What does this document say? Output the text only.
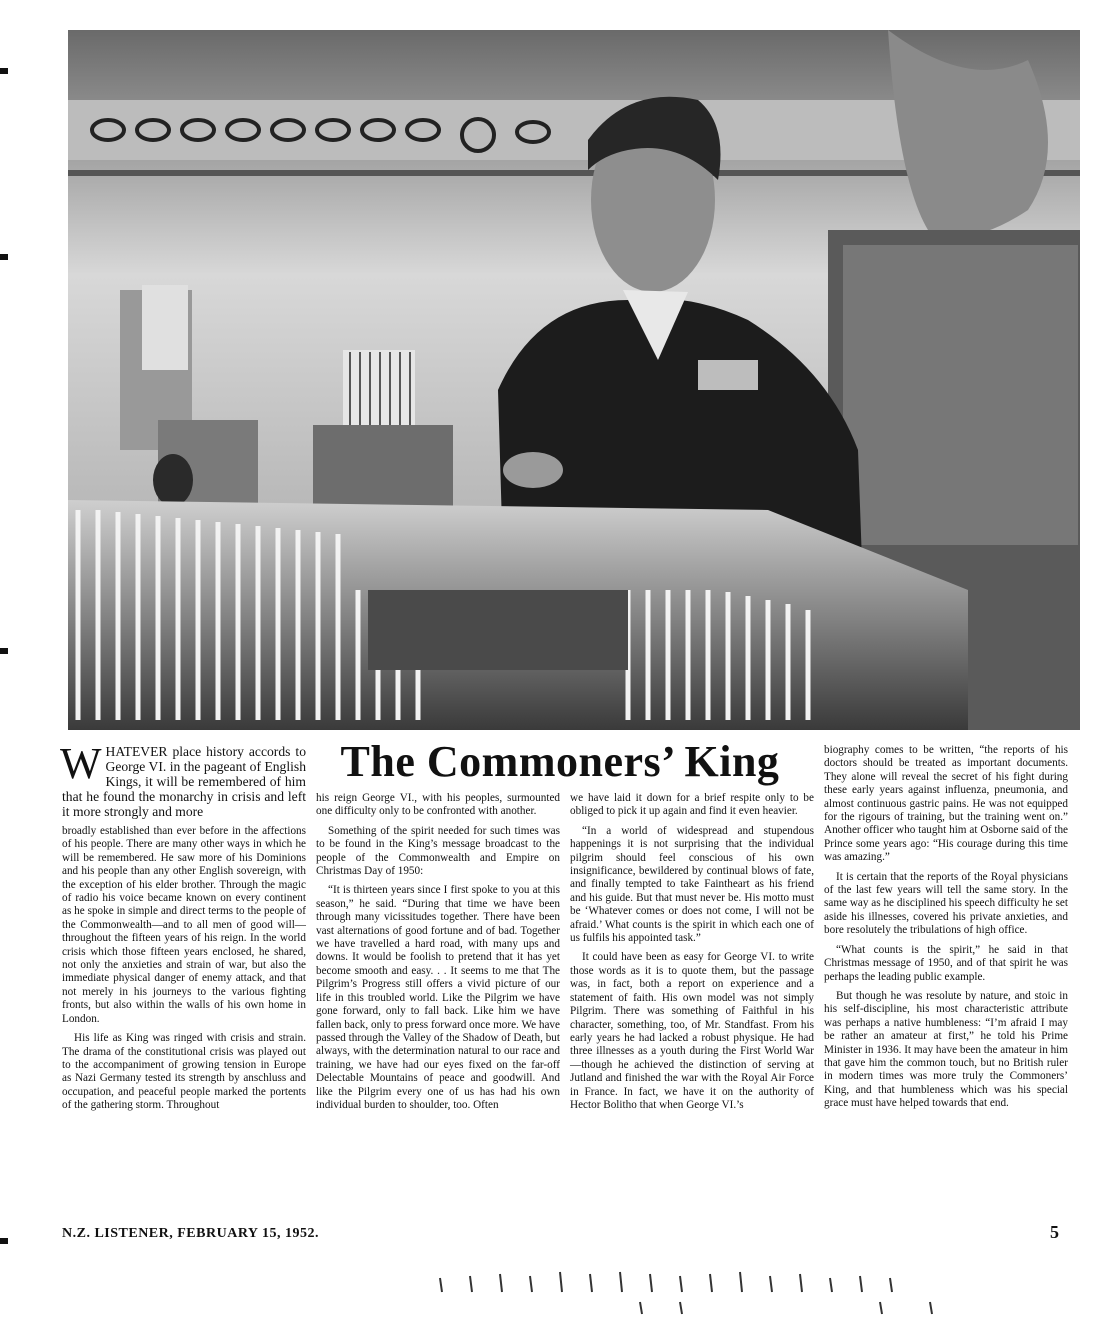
The Commoners’ King

WHATEVER place history accords to George VI. in the pageant of English Kings, it will be remembered of him that he found the monarchy in crisis and left it more strongly and more

broadly established than ever before in the affections of his people. There are many other ways in which he will be remembered. He saw more of his Dominions and his people than any other English sovereign, with the exception of his elder brother. Through the magic of radio his voice became known on every continent as he spoke in simple and direct terms to the people of the Commonwealth—and to all men of good will—throughout the fifteen years of his reign. In the world crisis which those fifteen years enclosed, he shared, not only the anxieties and strain of war, but also the immediate physical danger of enemy attack, and that not merely in his journeys to the various fighting fronts, but also within the walls of his own home in London.

His life as King was ringed with crisis and strain. The drama of the constitutional crisis was played out to the accompaniment of growing tension in Europe as Nazi Germany tested its strength by anschluss and occupation, and peaceful people marked the portents of the gathering storm. Throughout

his reign George VI., with his peoples, surmounted one difficulty only to be confronted with another.

Something of the spirit needed for such times was to be found in the King’s message broadcast to the people of the Commonwealth and Empire on Christmas Day of 1950:

“It is thirteen years since I first spoke to you at this season,” he said. “During that time we have been through many vicissitudes together. There have been vast alternations of good fortune and of bad. Together we have travelled a hard road, with many ups and downs. It would be foolish to pretend that it has yet become smooth and easy. . . It seems to me that The Pilgrim’s Progress still offers a vivid picture of our life in this troubled world. Like the Pilgrim we have gone forward, only to fall back. Like him we have fallen back, only to press forward once more. We have passed through the Valley of the Shadow of Death, but always, with the determination natural to our race and training, we have had our eyes fixed on the far-off Delectable Mountains of peace and goodwill. And like the Pilgrim every one of us has had his own individual burden to shoulder, too. Often

we have laid it down for a brief respite only to be obliged to pick it up again and find it even heavier.

“In a world of widespread and stupendous happenings it is not surprising that the individual pilgrim should feel conscious of his own insignificance, bewildered by continual blows of fate, and finally tempted to take Faintheart as his friend and his guide. But that must never be. His motto must be ‘Whatever comes or does not come, I will not be afraid.’ What counts is the spirit in which each one of us fulfils his appointed task.”

It could have been as easy for George VI. to write those words as it is to quote them, but the passage was, in fact, both a report on experience and a statement of faith. His own model was not simply Pilgrim. There was something of Faithful in his character, something, too, of Mr. Standfast. From his early years he had lacked a robust physique. He had three illnesses as a youth during the First World War—though he achieved the distinction of serving at Jutland and finished the war with the Royal Air Force in France. In fact, we have it on the authority of Hector Bolitho that when George VI.’s

biography comes to be written, “the reports of his doctors should be treated as important documents. They alone will reveal the secret of his fight during these early years against influenza, pneumonia, and almost continuous gastric pains. He was not equipped for the rigours of training, but the training went on.” Another officer who taught him at Osborne said of the Prince some years ago: “His courage during this time was amazing.”

It is certain that the reports of the Royal physicians of the last few years will tell the same story. In the same way as he disciplined his speech difficulty he set aside his illnesses, covered his private anxieties, and bore resolutely the tribulations of high office.

“What counts is the spirit,” he said in that Christmas message of 1950, and of that spirit he was perhaps the leading public example.

But though he was resolute by nature, and stoic in his self-discipline, his most characteristic attribute was perhaps a native humbleness: “I’m afraid I may be rather an amateur at first,” he told his Prime Minister in 1936. It may have been the amateur in him that gave him the common touch, but no British ruler in modern times was more truly the Commoners’ King, and that humbleness which was his special grace must have helped towards that end.

N.Z. LISTENER, FEBRUARY 15, 1952.	5
